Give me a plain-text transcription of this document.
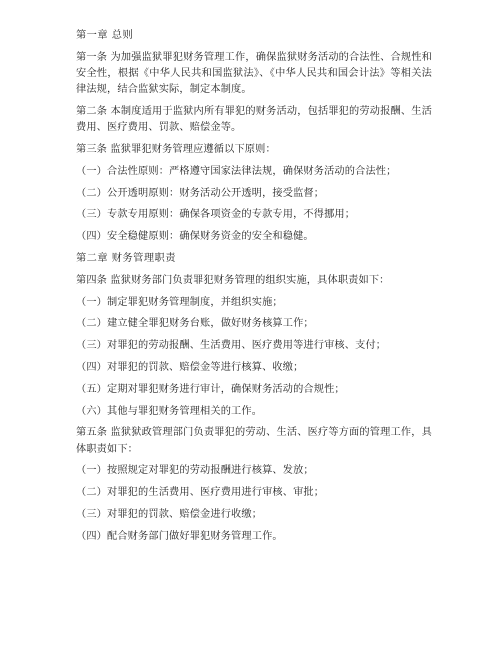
第一章 总则
第一条 为加强监狱罪犯财务管理工作，确保监狱财务活动的合法性、合规性和安全性，根据《中华人民共和国监狱法》、《中华人民共和国会计法》等相关法律法规，结合监狱实际，制定本制度。
第二条 本制度适用于监狱内所有罪犯的财务活动，包括罪犯的劳动报酬、生活费用、医疗费用、罚款、赔偿金等。
第三条 监狱罪犯财务管理应遵循以下原则：
（一）合法性原则：严格遵守国家法律法规，确保财务活动的合法性；
（二）公开透明原则：财务活动公开透明，接受监督；
（三）专款专用原则：确保各项资金的专款专用，不得挪用；
（四）安全稳健原则：确保财务资金的安全和稳健。
第二章 财务管理职责
第四条 监狱财务部门负责罪犯财务管理的组织实施，具体职责如下：
（一）制定罪犯财务管理制度，并组织实施；
（二）建立健全罪犯财务台账，做好财务核算工作；
（三）对罪犯的劳动报酬、生活费用、医疗费用等进行审核、支付；
（四）对罪犯的罚款、赔偿金等进行核算、收缴；
（五）定期对罪犯财务进行审计，确保财务活动的合规性；
（六）其他与罪犯财务管理相关的工作。
第五条 监狱狱政管理部门负责罪犯的劳动、生活、医疗等方面的管理工作，具体职责如下：
（一）按照规定对罪犯的劳动报酬进行核算、发放；
（二）对罪犯的生活费用、医疗费用进行审核、审批；
（三）对罪犯的罚款、赔偿金进行收缴；
（四）配合财务部门做好罪犯财务管理工作。
